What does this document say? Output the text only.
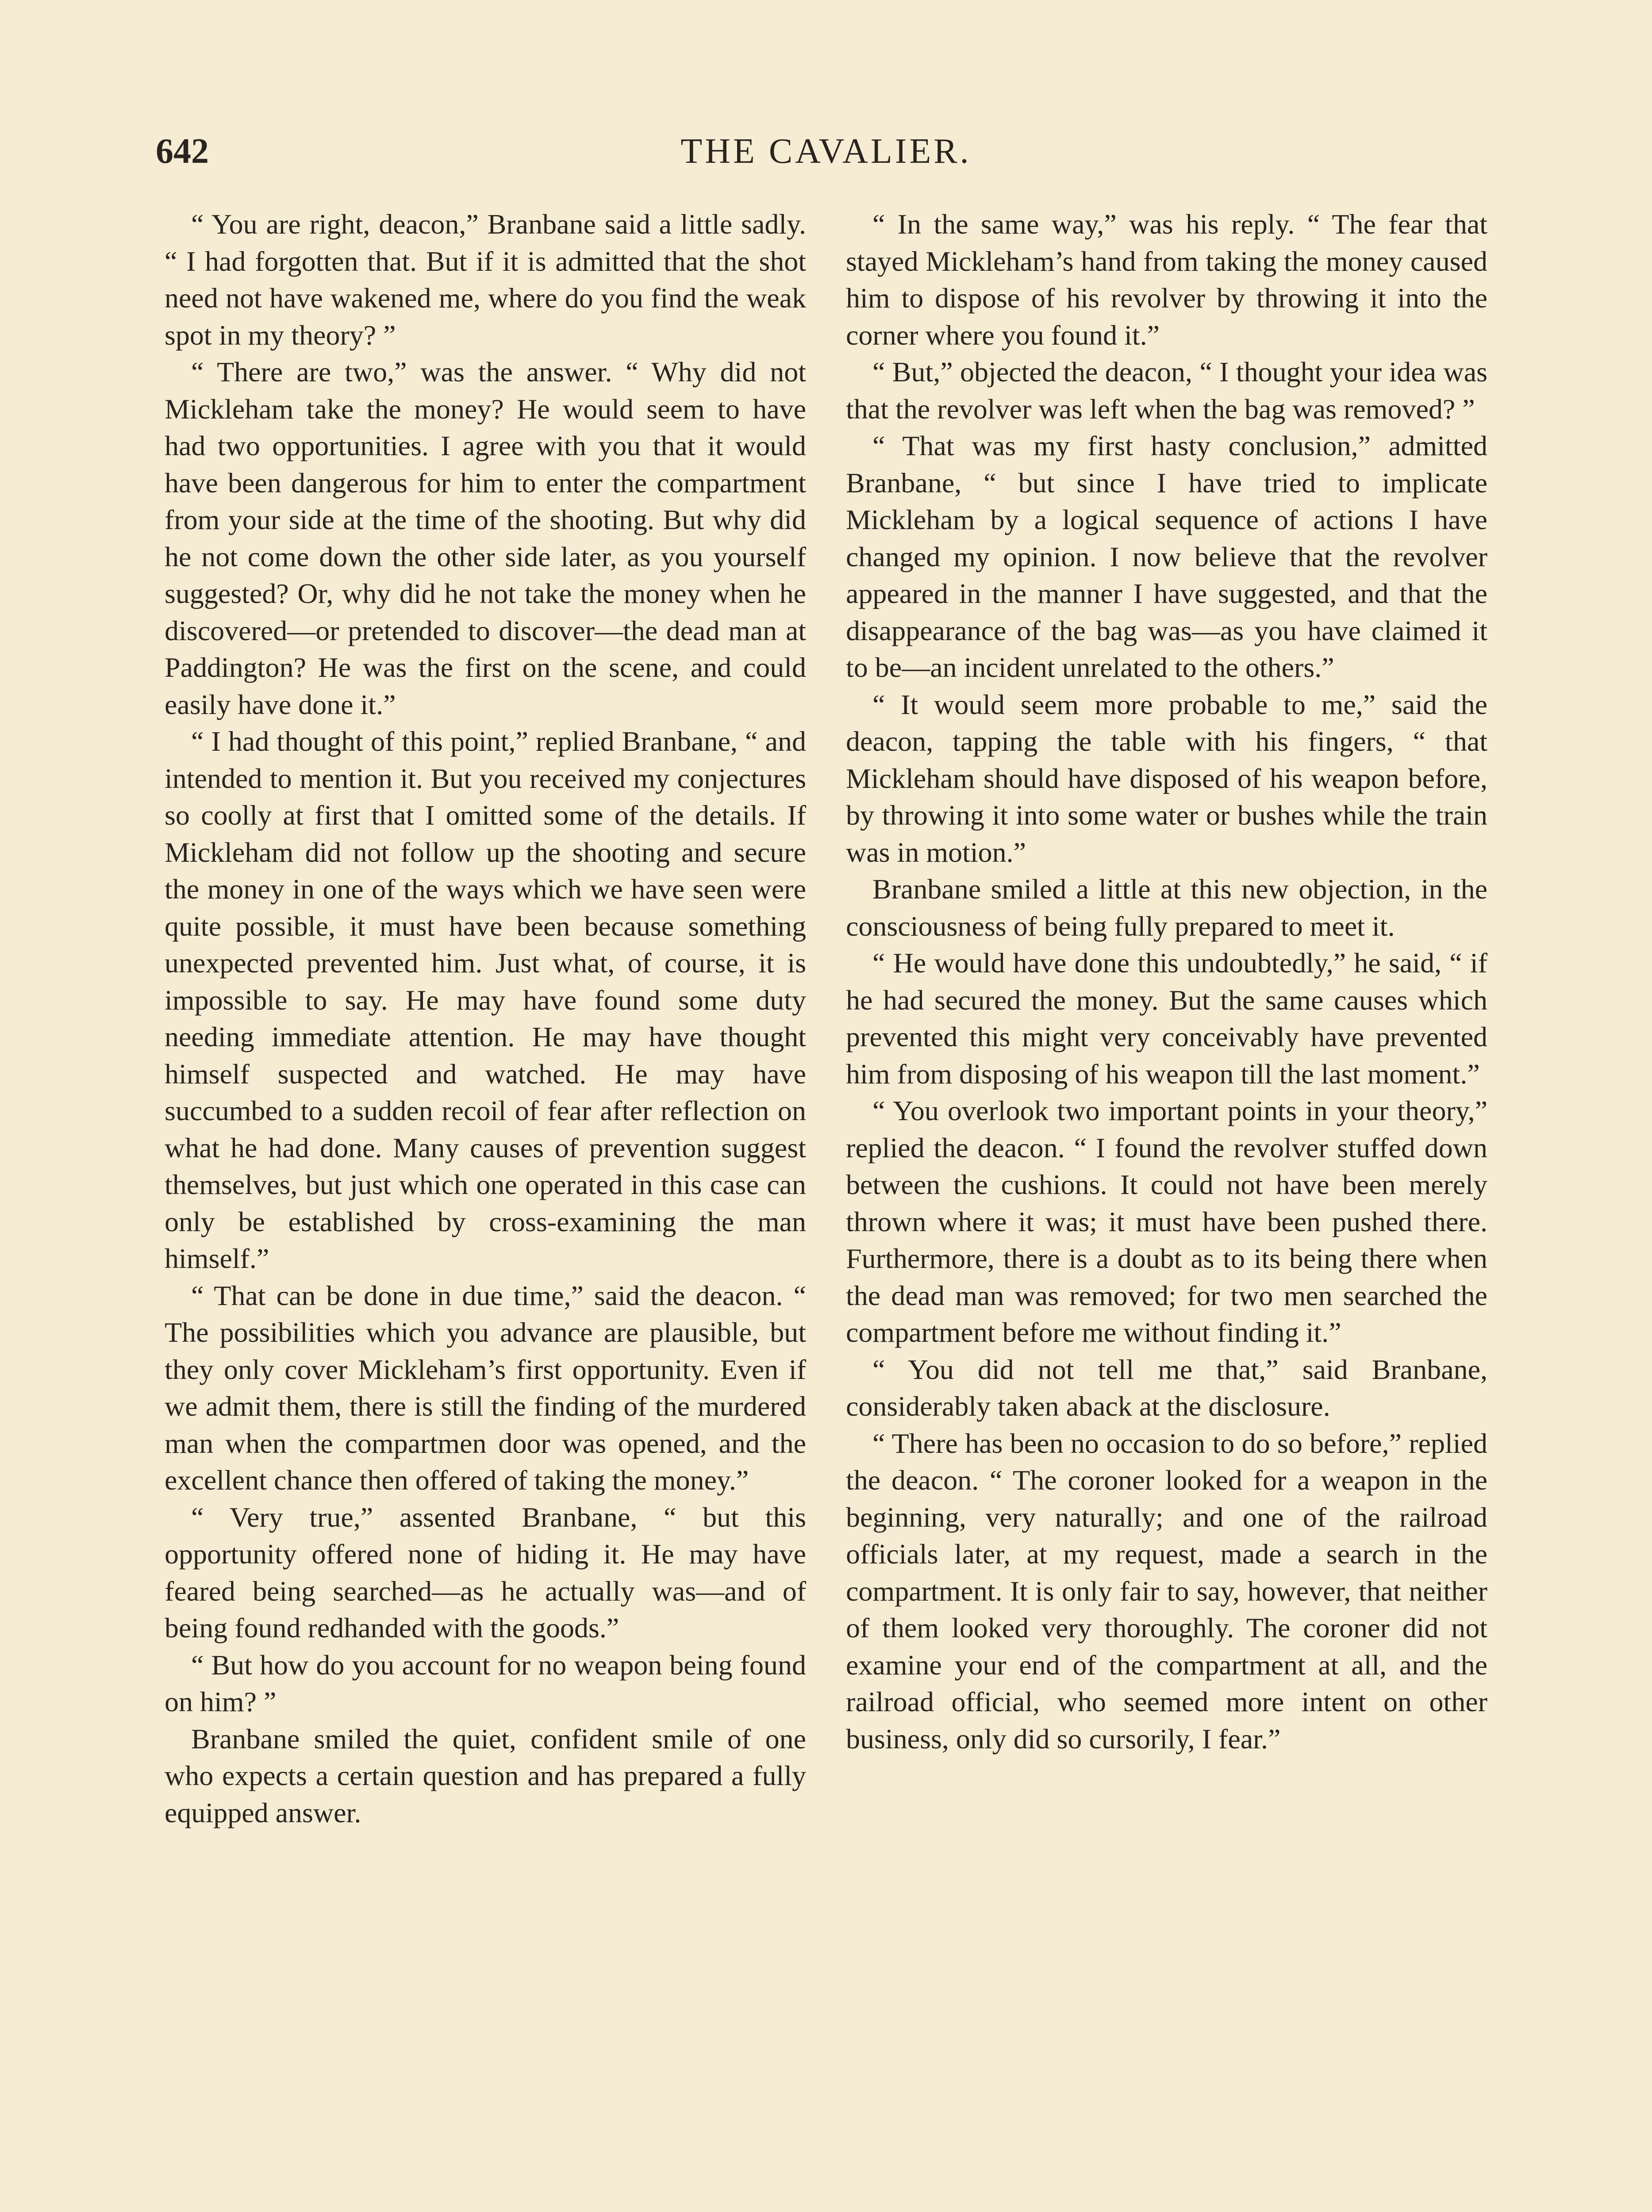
642	THE CAVALIER.

“ You are right, deacon,” Branbane said a little sadly. “ I had forgotten that. But if it is admitted that the shot need not have wakened me, where do you find the weak spot in my theory? ”

“ There are two,” was the answer. “ Why did not Mickleham take the money? He would seem to have had two opportunities. I agree with you that it would have been dangerous for him to enter the compartment from your side at the time of the shooting. But why did he not come down the other side later, as you yourself suggested? Or, why did he not take the money when he discovered—or pretended to discover—the dead man at Paddington? He was the first on the scene, and could easily have done it.”

“ I had thought of this point,” replied Branbane, “ and intended to mention it. But you received my conjectures so coolly at first that I omitted some of the details. If Mickleham did not follow up the shooting and secure the money in one of the ways which we have seen were quite possible, it must have been because something unexpected prevented him. Just what, of course, it is impossible to say. He may have found some duty needing immediate attention. He may have thought himself suspected and watched. He may have succumbed to a sudden recoil of fear after reflection on what he had done. Many causes of prevention suggest themselves, but just which one operated in this case can only be established by cross-examining the man himself.”

“ That can be done in due time,” said the deacon. “ The possibilities which you advance are plausible, but they only cover Mickleham’s first opportunity. Even if we admit them, there is still the finding of the murdered man when the compartmen door was opened, and the excellent chance then offered of taking the money.”

“ Very true,” assented Branbane, “ but this opportunity offered none of hiding it. He may have feared being searched—as he actually was—and of being found redhanded with the goods.”

“ But how do you account for no weapon being found on him? ”

Branbane smiled the quiet, confident smile of one who expects a certain question and has prepared a fully equipped answer.

“ In the same way,” was his reply. “ The fear that stayed Mickleham’s hand from taking the money caused him to dispose of his revolver by throwing it into the corner where you found it.”

“ But,” objected the deacon, “ I thought your idea was that the revolver was left when the bag was removed? ”

“ That was my first hasty conclusion,” admitted Branbane, “ but since I have tried to implicate Mickleham by a logical sequence of actions I have changed my opinion. I now believe that the revolver appeared in the manner I have suggested, and that the disappearance of the bag was—as you have claimed it to be—an incident unrelated to the others.”

“ It would seem more probable to me,” said the deacon, tapping the table with his fingers, “ that Mickleham should have disposed of his weapon before, by throwing it into some water or bushes while the train was in motion.”

Branbane smiled a little at this new objection, in the consciousness of being fully prepared to meet it.

“ He would have done this undoubtedly,” he said, “ if he had secured the money. But the same causes which prevented this might very conceivably have prevented him from disposing of his weapon till the last moment.”

“ You overlook two important points in your theory,” replied the deacon. “ I found the revolver stuffed down between the cushions. It could not have been merely thrown where it was; it must have been pushed there. Furthermore, there is a doubt as to its being there when the dead man was removed; for two men searched the compartment before me without finding it.”

“ You did not tell me that,” said Branbane, considerably taken aback at the disclosure.

“ There has been no occasion to do so before,” replied the deacon. “ The coroner looked for a weapon in the beginning, very naturally; and one of the railroad officials later, at my request, made a search in the compartment. It is only fair to say, however, that neither of them looked very thoroughly. The coroner did not examine your end of the compartment at all, and the railroad official, who seemed more intent on other business, only did so cursorily, I fear.”
